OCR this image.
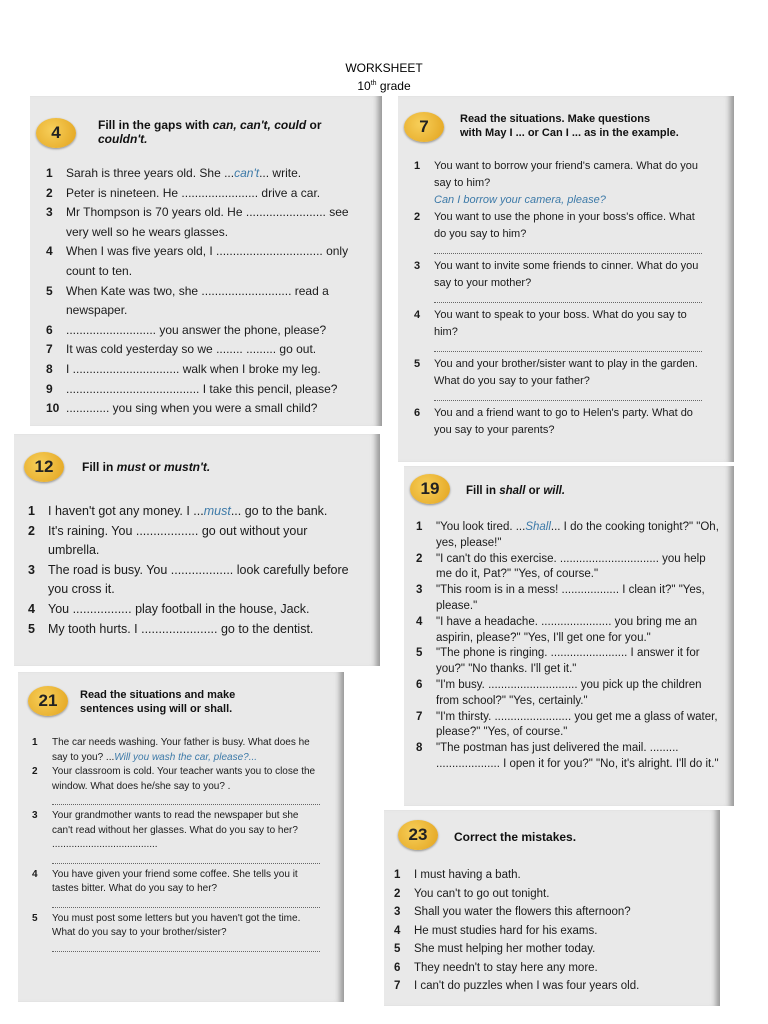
WORKSHEET
10th grade
4	Fill in the gaps with can, can't, could or
couldn't.
1	Sarah is three years old. She ...can't... write.
2	Peter is nineteen. He ....................... drive a car.
3	Mr Thompson is 70 years old. He ........................ see very well so he wears glasses.
4	When I was five years old, I ................................ only count to ten.
5	When Kate was two, she ........................... read a newspaper.
6	........................... you answer the phone, please?
7	It was cold yesterday so we ........ ......... go out.
8	I ................................ walk when I broke my leg.
9	........................................ I take this pencil, please?
10 ............. you sing when you were a small child?
7	Read the situations. Make questions
with May I ... or Can I ... as in the example.
1	You want to borrow your friend's camera. What do you say to him?
Can I borrow your camera, please?
2	You want to use the phone in your boss's office. What do you say to him?
3	You want to invite some friends to cinner. What do you say to your mother?
4	You want to speak to your boss. What do you say to him?
5	You and your brother/sister want to play in the garden. What do you say to your father?
6	You and a friend want to go to Helen's party. What do you say to your parents?
12	Fill in must or mustn't.
1	I haven't got any money. I ...must... go to the bank.
2	It's raining. You .................. go out without your umbrella.
3	The road is busy. You .................. look carefully before you cross it.
4	You ................. play football in the house, Jack.
5	My tooth hurts. I ...................... go to the dentist.
19	Fill in shall or will.
1	"You look tired. ...Shall... I do the cooking tonight?" "Oh, yes, please!"
2	"I can't do this exercise. ............................... you help me do it, Pat?" "Yes, of course."
3	"This room is in a mess! .................. I clean it?" "Yes, please."
4	"I have a headache. ...................... you bring me an aspirin, please?" "Yes, I'll get one for you."
5	"The phone is ringing. ........................ I answer it for you?" "No thanks. I'll get it."
6	"I'm busy. ............................ you pick up the children from school?" "Yes, certainly."
7	"I'm thirsty. ........................ you get me a glass of water, please?" "Yes, of course."
8	"The postman has just delivered the mail. ......... .................... I open it for you?" "No, it's alright. I'll do it."
21	Read the situations and make
sentences using will or shall.
1	The car needs washing. Your father is busy. What does he say to you? ...Will you wash the car, please?...
2	Your classroom is cold. Your teacher wants you to close the window. What does he/she say to you? .
3	Your grandmother wants to read the newspaper but she can't read without her glasses. What do you say to her? ......................................
4	You have given your friend some coffee. She tells you it tastes bitter. What do you say to her?
5	You must post some letters but you haven't got the time. What do you say to your brother/sister?
23	Correct the mistakes.
1	I must having a bath.
2	You can't to go out tonight.
3	Shall you water the flowers this afternoon?
4	He must studies hard for his exams.
5	She must helping her mother today.
6	They needn't to stay here any more.
7	I can't do puzzles when I was four years old.
